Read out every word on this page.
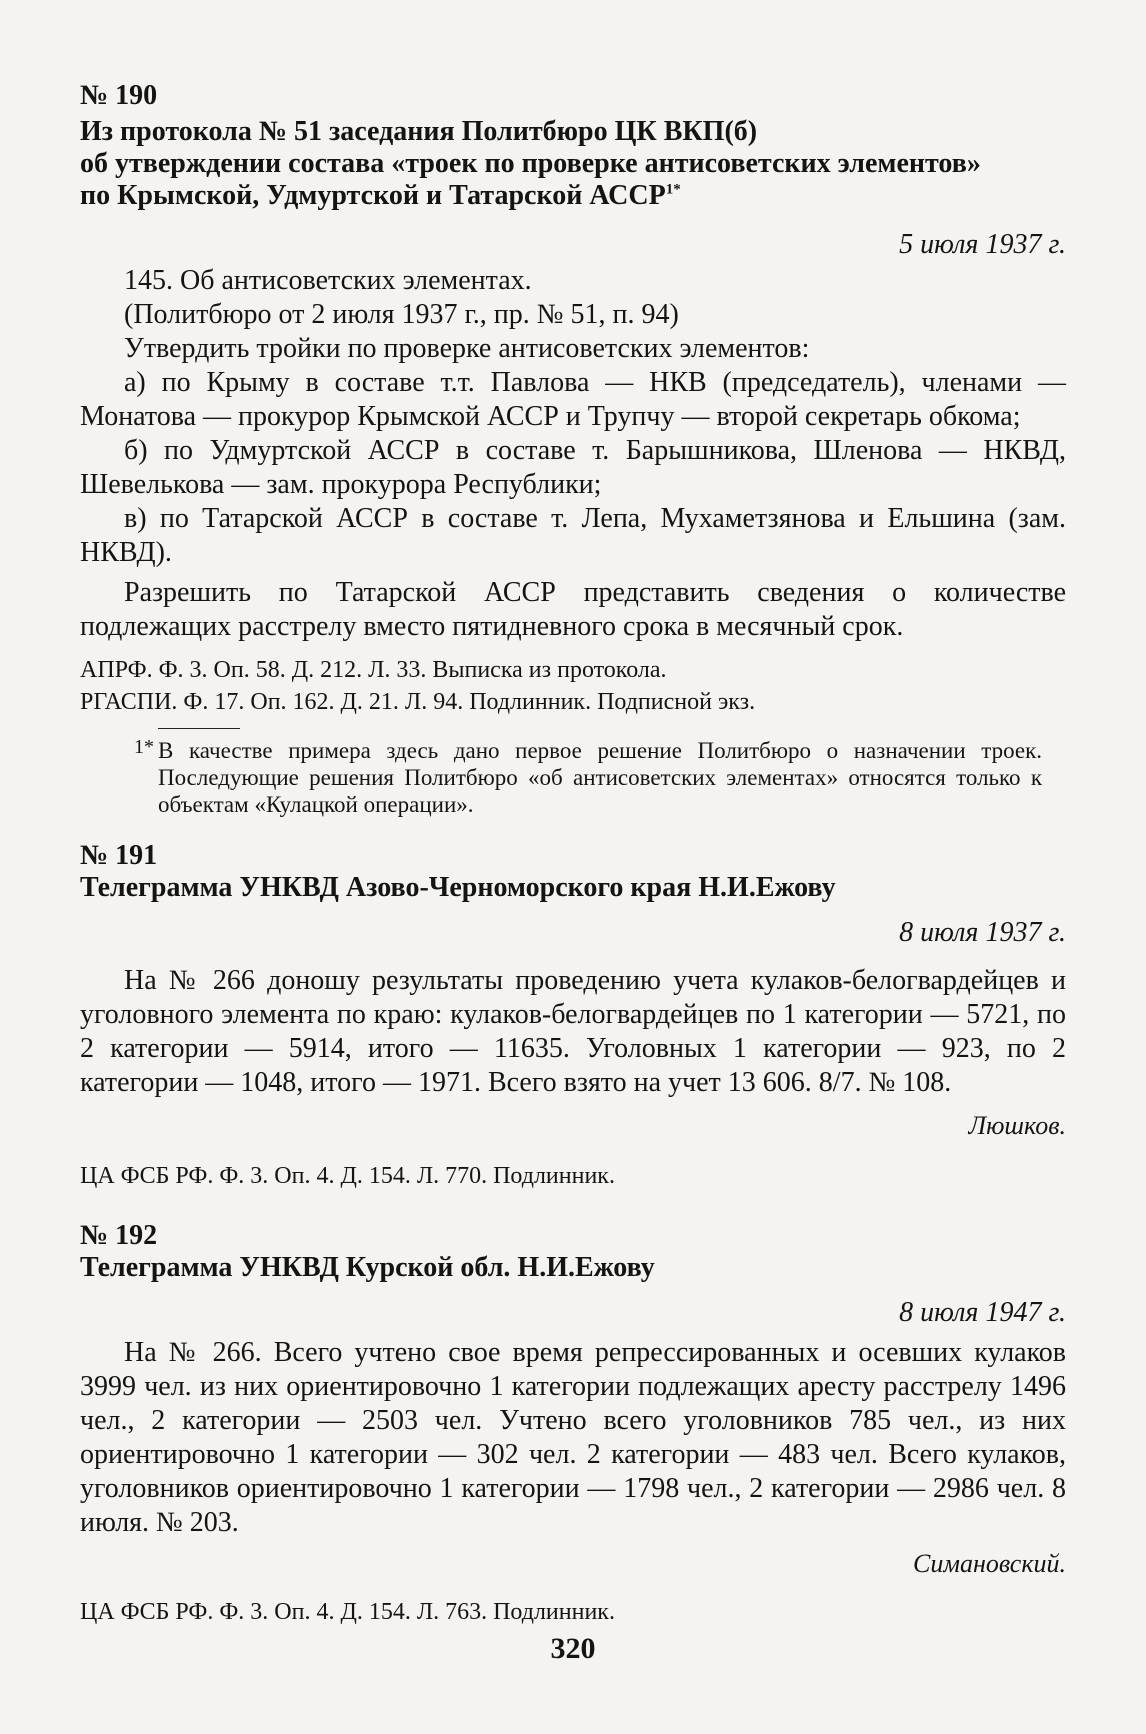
№ 190

Из протокола № 51 заседания Политбюро ЦК ВКП(б)

об утверждении состава «троек по проверке антисоветских элементов»

по Крымской, Удмуртской и Татарской $АССР^{1*}$

5 июля 1937 г.

145. Об антисоветских элементах.

(Политбюро от 2 июля 1937 г., пр. № 51, п. 94)

Утвердить тройки по проверке антисоветских элементов:

а) по Крыму в составе т.т. Павлова — НКВ (председатель), членами — Монатова — прокурор Крымской АССР и Трупчу — второй секретарь обкома;

б) по Удмуртской АССР в составе т. Барышникова, Шленова — НКВД, Шевелькова — зам. прокурора Республики;

в) по Татарской АССР в составе т. Лепа, Мухаметзянова и Ельшина (зам. НКВД).

Разрешить по Татарской АССР представить сведения о количестве подлежащих расстрелу вместо пятидневного срока в месячный срок.

АПРФ. Ф. 3. Оп. 58. Д. 212. Л. 33. Выписка из протокола.
РГАСПИ. Ф. 17. Оп. 162. Д. 21. Л. 94. Подлинник. Подписной экз.
1* В качестве примера здесь дано первое решение Политбюро о назначении троек. Последующие решения Политбюро «об антисоветских элементах» относятся только к объектам «Кулацкой операции».
№ 191

Телеграмма УНКВД Азово-Черноморского края Н.И.Ежову

8 июля 1937 г.

На № 266 доношу результаты проведению учета кулаков-белогвардейцев и уголовного элемента по краю: кулаков-белогвардейцев по 1 категории — 5721, по 2 категории — 5914, итого — 11635. Уголовных 1 категории — 923, по 2 категории — 1048, итого — 1971. Всего взято на учет 13 606. 8/7. № 108.

Люшков.
ЦА ФСБ РФ. Ф. 3. Оп. 4. Д. 154. Л. 770. Подлинник.
№ 192

Телеграмма УНКВД Курской обл. Н.И.Ежову

8 июля 1947 г.

На № 266. Всего учтено свое время репрессированных и осевших кулаков 3999 чел. из них ориентировочно 1 категории подлежащих аресту расстрелу 1496 чел., 2 категории — 2503 чел. Учтено всего уголовников 785 чел., из них ориентировочно 1 категории — 302 чел. 2 категории — 483 чел. Всего кулаков, уголовников ориентировочно 1 категории — 1798 чел., 2 категории — 2986 чел. 8 июля. № 203.

Симановский.
ЦА ФСБ РФ. Ф. 3. Оп. 4. Д. 154. Л. 763. Подлинник.
320
